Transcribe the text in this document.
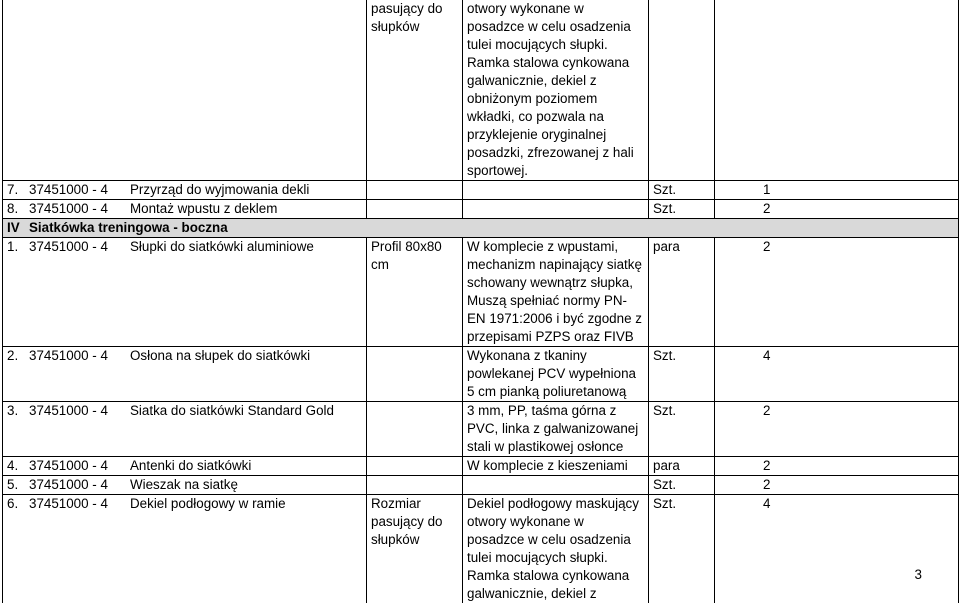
	pasujący do słupków	otwory wykonane w posadzce w celu osadzenia tulei mocujących słupki. Ramka stalowa cynkowana galwanicznie, dekiel z obniżonym poziomem wkładki, co pozwala na przyklejenie oryginalnej posadzki, zfrezowanej z hali sportowej.		
7. 37451000 - 4 Przyrząd do wyjmowania dekli			Szt.	1
8. 37451000 - 4 Montaż wpustu z deklem			Szt.	2
IV Siatkówka treningowa - boczna				
1. 37451000 - 4 Słupki do siatkówki aluminiowe	Profil 80x80 cm	W komplecie z wpustami, mechanizm napinający siatkę schowany wewnątrz słupka, Muszą spełniać normy PN-EN 1971:2006 i być zgodne z przepisami PZPS oraz FIVB	para	2
2. 37451000 - 4 Osłona na słupek do siatkówki		Wykonana z tkaniny powlekanej PCV wypełniona 5 cm pianką poliuretanową	Szt.	4
3. 37451000 - 4 Siatka do siatkówki Standard Gold		3 mm, PP, taśma górna z PVC, linka z galwanizowanej stali w plastikowej osłonce	Szt.	2
4. 37451000 - 4 Antenki do siatkówki		W komplecie z kieszeniami	para	2
5. 37451000 - 4 Wieszak na siatkę			Szt.	2
6. 37451000 - 4 Dekiel podłogowy w ramie	Rozmiar pasujący do słupków	Dekiel podłogowy maskujący otwory wykonane w posadzce w celu osadzenia tulei mocujących słupki. Ramka stalowa cynkowana galwanicznie, dekiel z	Szt.	4
3
